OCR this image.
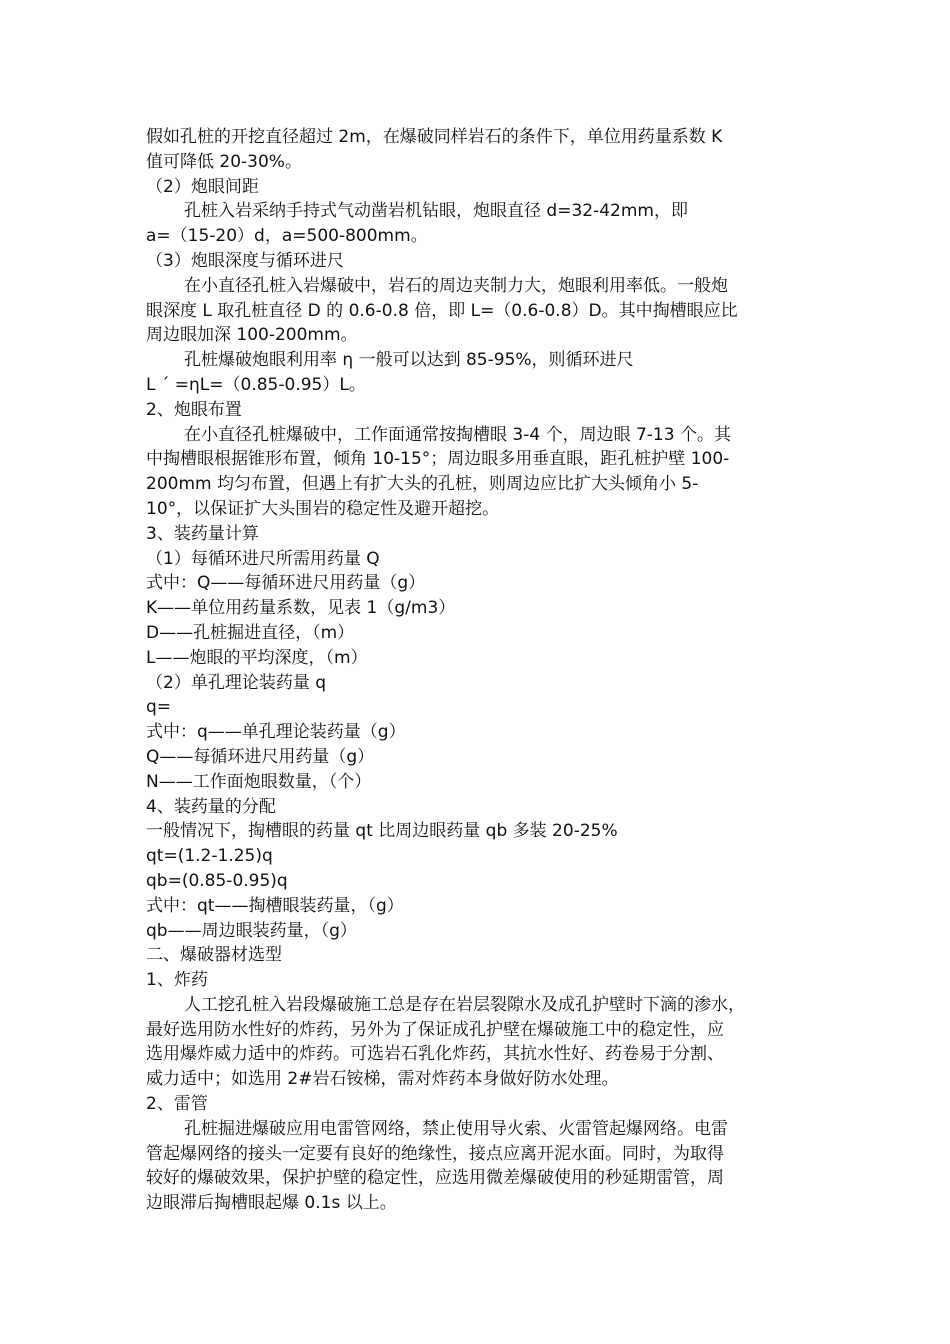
假如孔桩的开挖直径超过 2m，在爆破同样岩石的条件下，单位用药量系数 K
值可降低 20-30%。
（2）炮眼间距
孔桩入岩采纳手持式气动凿岩机钻眼，炮眼直径 d=32-42mm，即
a=（15-20）d，a=500-800mm。
（3）炮眼深度与循环进尺
在小直径孔桩入岩爆破中，岩石的周边夹制力大，炮眼利用率低。一般炮
眼深度 L 取孔桩直径 D 的 0.6-0.8 倍，即 L=（0.6-0.8）D。其中掏槽眼应比
周边眼加深 100-200mm。
孔桩爆破炮眼利用率 η 一般可以达到 85-95%，则循环进尺
L ˊ =ηL=（0.85-0.95）L。
2、炮眼布置
在小直径孔桩爆破中，工作面通常按掏槽眼 3-4 个，周边眼 7-13 个。其
中掏槽眼根据锥形布置，倾角 10-15°；周边眼多用垂直眼，距孔桩护壁 100-
200mm 均匀布置，但遇上有扩大头的孔桩，则周边应比扩大头倾角小 5-
10°，以保证扩大头围岩的稳定性及避开超挖。
3、装药量计算
（1）每循环进尺所需用药量 Q
式中：Q——每循环进尺用药量（g）
K——单位用药量系数，见表 1（g/m3）
D——孔桩掘进直径，（m）
L——炮眼的平均深度，（m）
（2）单孔理论装药量 q
q=
式中：q——单孔理论装药量（g）
Q——每循环进尺用药量（g）
N——工作面炮眼数量，（个）
4、装药量的分配
一般情况下，掏槽眼的药量 qt 比周边眼药量 qb 多装 20-25%
qt=(1.2-1.25)q
qb=(0.85-0.95)q
式中：qt——掏槽眼装药量，（g）
qb——周边眼装药量，（g）
二、爆破器材选型
1、炸药
人工挖孔桩入岩段爆破施工总是存在岩层裂隙水及成孔护壁时下滴的渗水，
最好选用防水性好的炸药，另外为了保证成孔护壁在爆破施工中的稳定性，应
选用爆炸威力适中的炸药。可选岩石乳化炸药，其抗水性好、药卷易于分割、
威力适中；如选用 2#岩石铵梯，需对炸药本身做好防水处理。
2、雷管
孔桩掘进爆破应用电雷管网络，禁止使用导火索、火雷管起爆网络。电雷
管起爆网络的接头一定要有良好的绝缘性，接点应离开泥水面。同时，为取得
较好的爆破效果，保护护壁的稳定性，应选用微差爆破使用的秒延期雷管，周
边眼滞后掏槽眼起爆 0.1s 以上。
